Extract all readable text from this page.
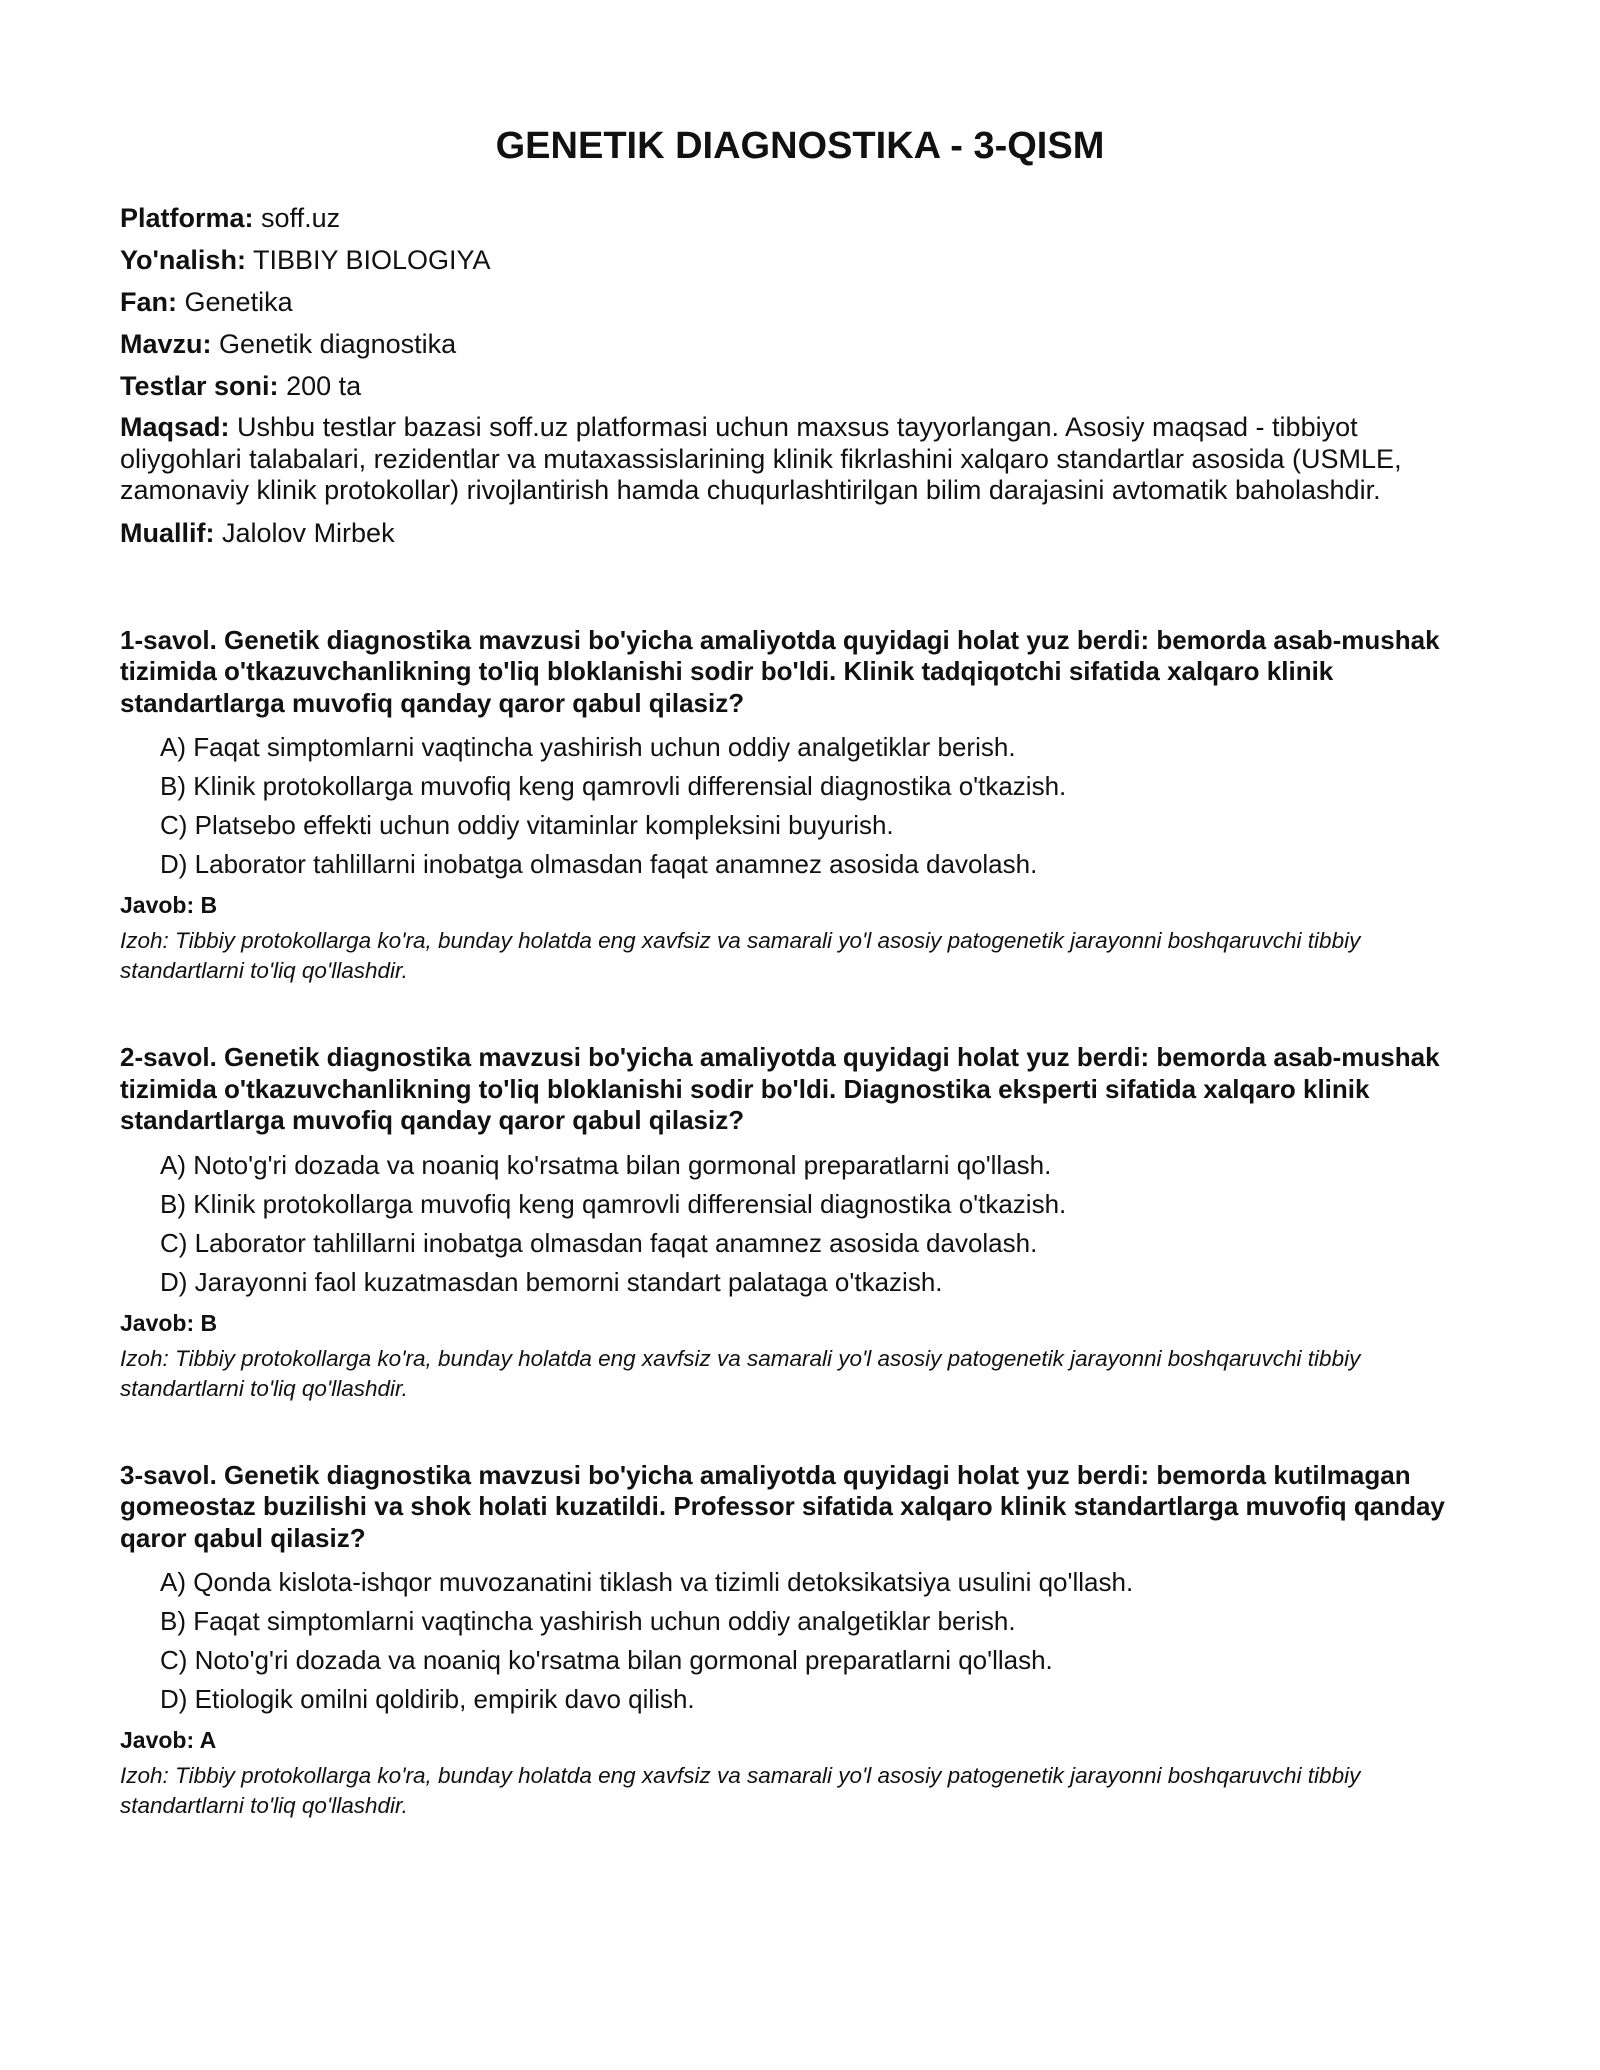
GENETIK DIAGNOSTIKA - 3-QISM

Platforma: soff.uz

Yo'nalish: TIBBIY BIOLOGIYA

Fan: Genetika

Mavzu: Genetik diagnostika

Testlar soni: 200 ta

Maqsad: Ushbu testlar bazasi soff.uz platformasi uchun maxsus tayyorlangan. Asosiy maqsad - tibbiyot oliygohlari talabalari, rezidentlar va mutaxassislarining klinik fikrlashini xalqaro standartlar asosida (USMLE, zamonaviy klinik protokollar) rivojlantirish hamda chuqurlashtirilgan bilim darajasini avtomatik baholashdir.

Muallif: Jalolov Mirbek

1-savol. Genetik diagnostika mavzusi bo'yicha amaliyotda quyidagi holat yuz berdi: bemorda asab-mushak tizimida o'tkazuvchanlikning to'liq bloklanishi sodir bo'ldi. Klinik tadqiqotchi sifatida xalqaro klinik standartlarga muvofiq qanday qaror qabul qilasiz?

A) Faqat simptomlarni vaqtincha yashirish uchun oddiy analgetiklar berish.
B) Klinik protokollarga muvofiq keng qamrovli differensial diagnostika o'tkazish.
C) Platsebo effekti uchun oddiy vitaminlar kompleksini buyurish.
D) Laborator tahlillarni inobatga olmasdan faqat anamnez asosida davolash.

Javob: B

Izoh: Tibbiy protokollarga ko'ra, bunday holatda eng xavfsiz va samarali yo'l asosiy patogenetik jarayonni boshqaruvchi tibbiy standartlarni to'liq qo'llashdir.

2-savol. Genetik diagnostika mavzusi bo'yicha amaliyotda quyidagi holat yuz berdi: bemorda asab-mushak tizimida o'tkazuvchanlikning to'liq bloklanishi sodir bo'ldi. Diagnostika eksperti sifatida xalqaro klinik standartlarga muvofiq qanday qaror qabul qilasiz?

A) Noto'g'ri dozada va noaniq ko'rsatma bilan gormonal preparatlarni qo'llash.
B) Klinik protokollarga muvofiq keng qamrovli differensial diagnostika o'tkazish.
C) Laborator tahlillarni inobatga olmasdan faqat anamnez asosida davolash.
D) Jarayonni faol kuzatmasdan bemorni standart palataga o'tkazish.

Javob: B

Izoh: Tibbiy protokollarga ko'ra, bunday holatda eng xavfsiz va samarali yo'l asosiy patogenetik jarayonni boshqaruvchi tibbiy standartlarni to'liq qo'llashdir.

3-savol. Genetik diagnostika mavzusi bo'yicha amaliyotda quyidagi holat yuz berdi: bemorda kutilmagan gomeostaz buzilishi va shok holati kuzatildi. Professor sifatida xalqaro klinik standartlarga muvofiq qanday qaror qabul qilasiz?

A) Qonda kislota-ishqor muvozanatini tiklash va tizimli detoksikatsiya usulini qo'llash.
B) Faqat simptomlarni vaqtincha yashirish uchun oddiy analgetiklar berish.
C) Noto'g'ri dozada va noaniq ko'rsatma bilan gormonal preparatlarni qo'llash.
D) Etiologik omilni qoldirib, empirik davo qilish.

Javob: A

Izoh: Tibbiy protokollarga ko'ra, bunday holatda eng xavfsiz va samarali yo'l asosiy patogenetik jarayonni boshqaruvchi tibbiy standartlarni to'liq qo'llashdir.
